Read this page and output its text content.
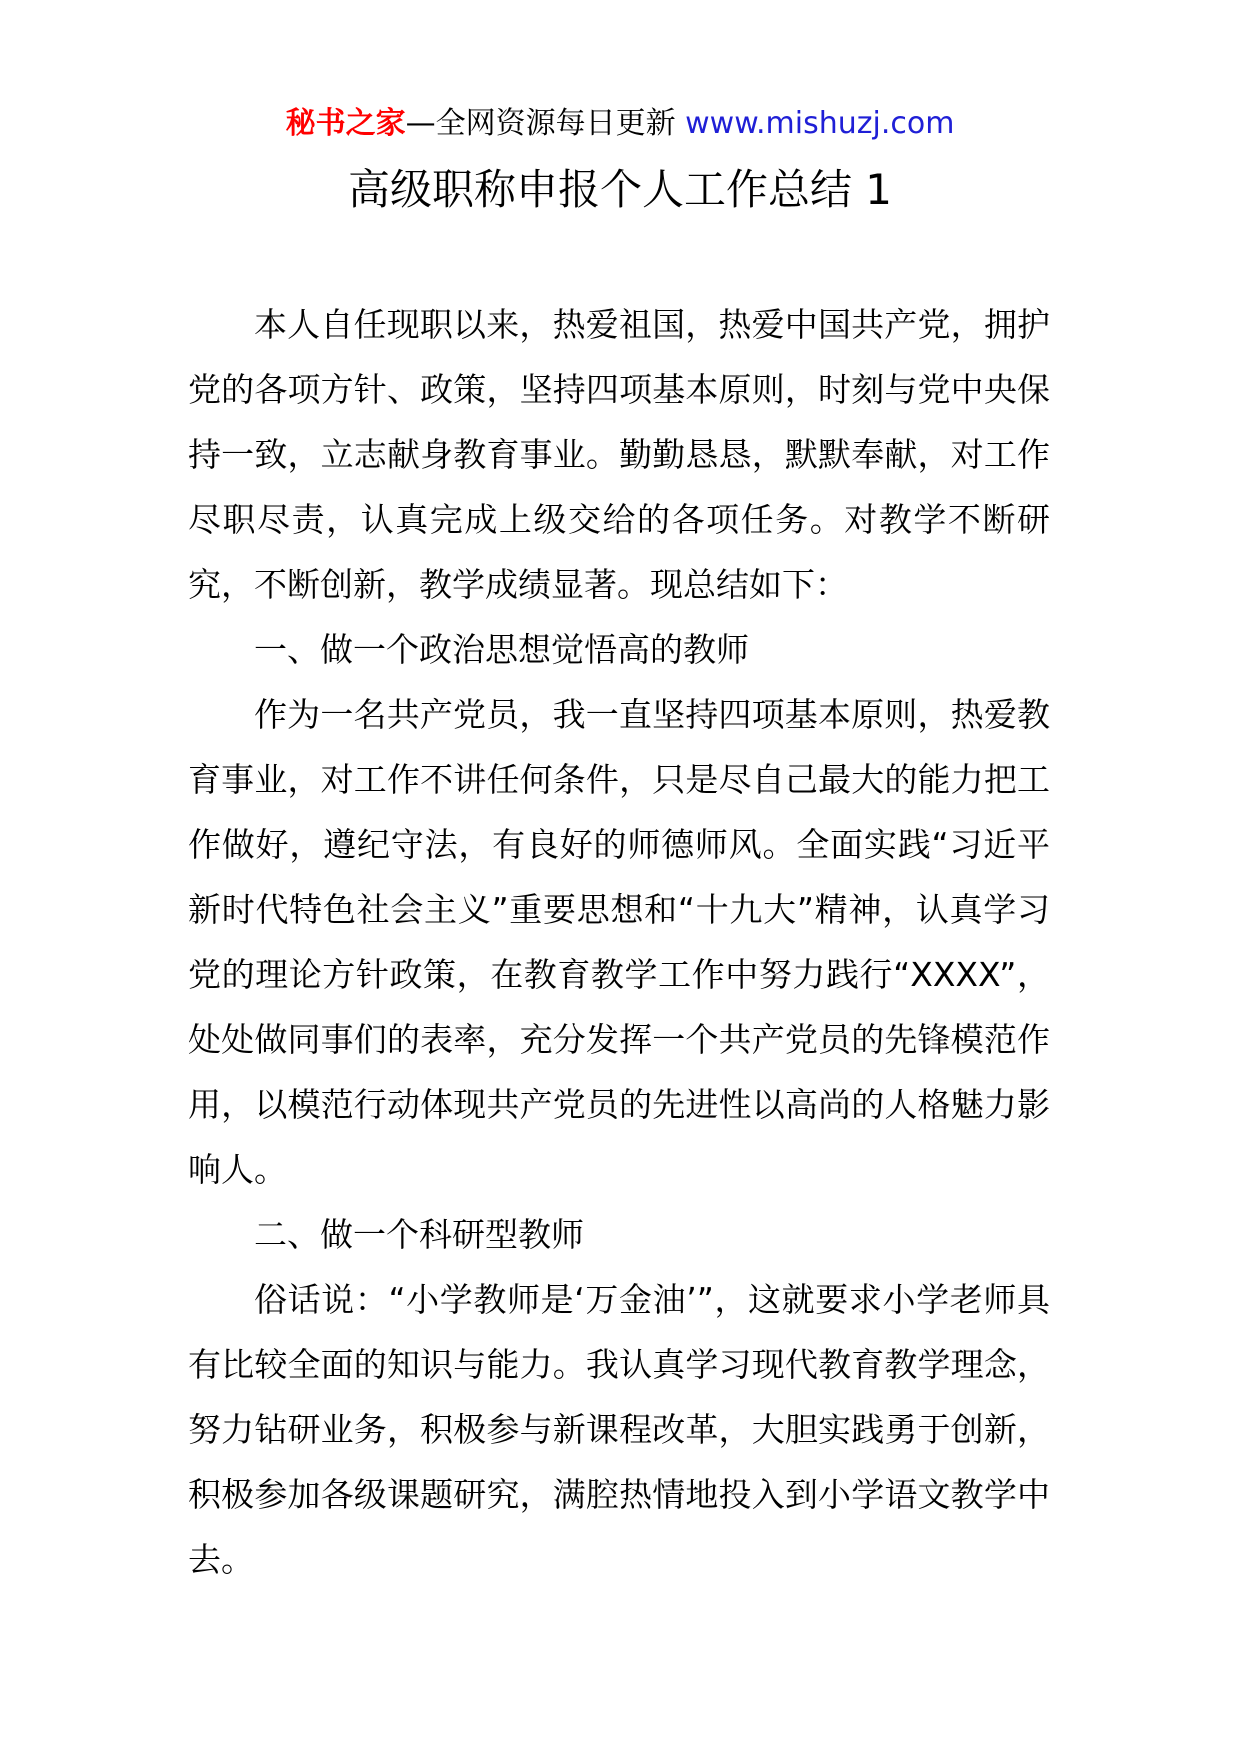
秘书之家—全网资源每日更新 www.mishuzj.com
高级职称申报个人工作总结 1

本人自任现职以来，热爱祖国，热爱中国共产党，拥护党的各项方针、政策，坚持四项基本原则，时刻与党中央保持一致，立志献身教育事业。勤勤恳恳，默默奉献，对工作尽职尽责，认真完成上级交给的各项任务。对教学不断研究，不断创新，教学成绩显著。现总结如下：

一、做一个政治思想觉悟高的教师

作为一名共产党员，我一直坚持四项基本原则，热爱教育事业，对工作不讲任何条件，只是尽自己最大的能力把工作做好，遵纪守法，有良好的师德师风。全面实践“习近平新时代特色社会主义”重要思想和“十九大”精神，认真学习党的理论方针政策，在教育教学工作中努力践行“XXXX”，处处做同事们的表率，充分发挥一个共产党员的先锋模范作用，以模范行动体现共产党员的先进性以高尚的人格魅力影响人。

二、做一个科研型教师

俗话说：“小学教师是‘万金油’”，这就要求小学老师具有比较全面的知识与能力。我认真学习现代教育教学理念，努力钻研业务，积极参与新课程改革，大胆实践勇于创新，积极参加各级课题研究，满腔热情地投入到小学语文教学中去。
